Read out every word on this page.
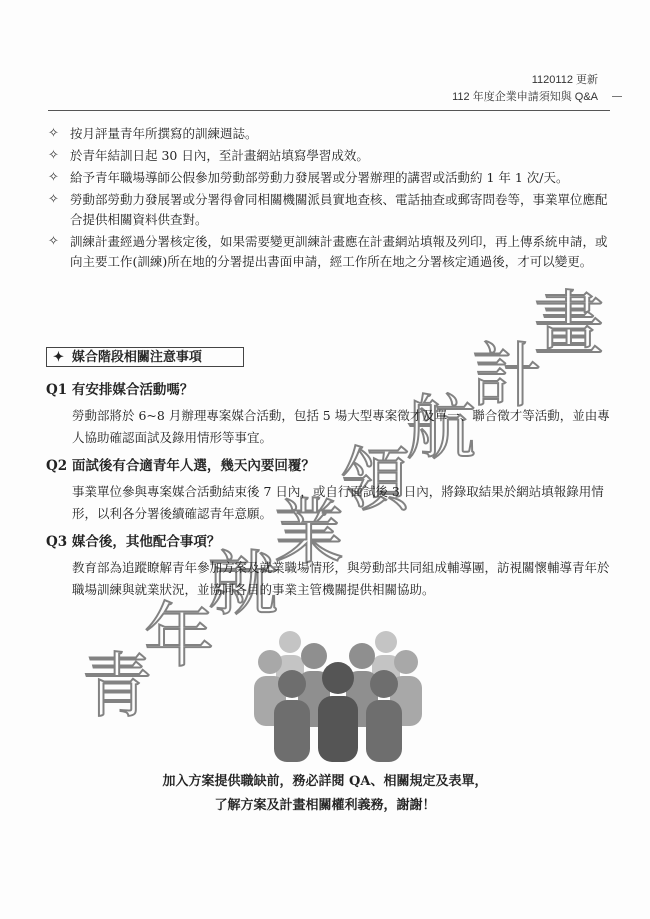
1120112 更新
112 年度企業申請須知與 Q&A
✧ 按月評量青年所撰寫的訓練週誌。
✧ 於青年結訓日起 30 日內，至計畫網站填寫學習成效。
✧ 給予青年職場導師公假參加勞動部勞動力發展署或分署辦理的講習或活動約 1 年 1 次/天。
✧ 勞動部勞動力發展署或分署得會同相關機關派員實地查核、電話抽查或郵寄問卷等，事業單位應配合提供相關資料供查對。
✧ 訓練計畫經過分署核定後，如果需要變更訓練計畫應在計畫網站填報及列印，再上傳系統申請，或向主要工作(訓練)所在地的分署提出書面申請，經工作所在地之分署核定通過後，才可以變更。
✦ 媒合階段相關注意事項
Q1 有安排媒合活動嗎？
勞動部將於 6~8 月辦理專案媒合活動，包括 5 場大型專案徵才及單一、聯合徵才等活動，並由專人協助確認面試及錄用情形等事宜。
Q2 面試後有合適青年人選，幾天內要回覆？
事業單位參與專案媒合活動結束後 7 日內，或自行面試後 3 日內，將錄取結果於網站填報錄用情形，以利各分署後續確認青年意願。
Q3 媒合後，其他配合事項？
教育部為追蹤瞭解青年參加方案及就業職場情形，與勞動部共同組成輔導團，訪視關懷輔導青年於職場訓練與就業狀況，並協同各目的事業主管機關提供相關協助。
加入方案提供職缺前，務必詳閱 QA、相關規定及表單，
了解方案及計畫相關權利義務，謝謝！
青
年
就
業
領
航
計
畫
